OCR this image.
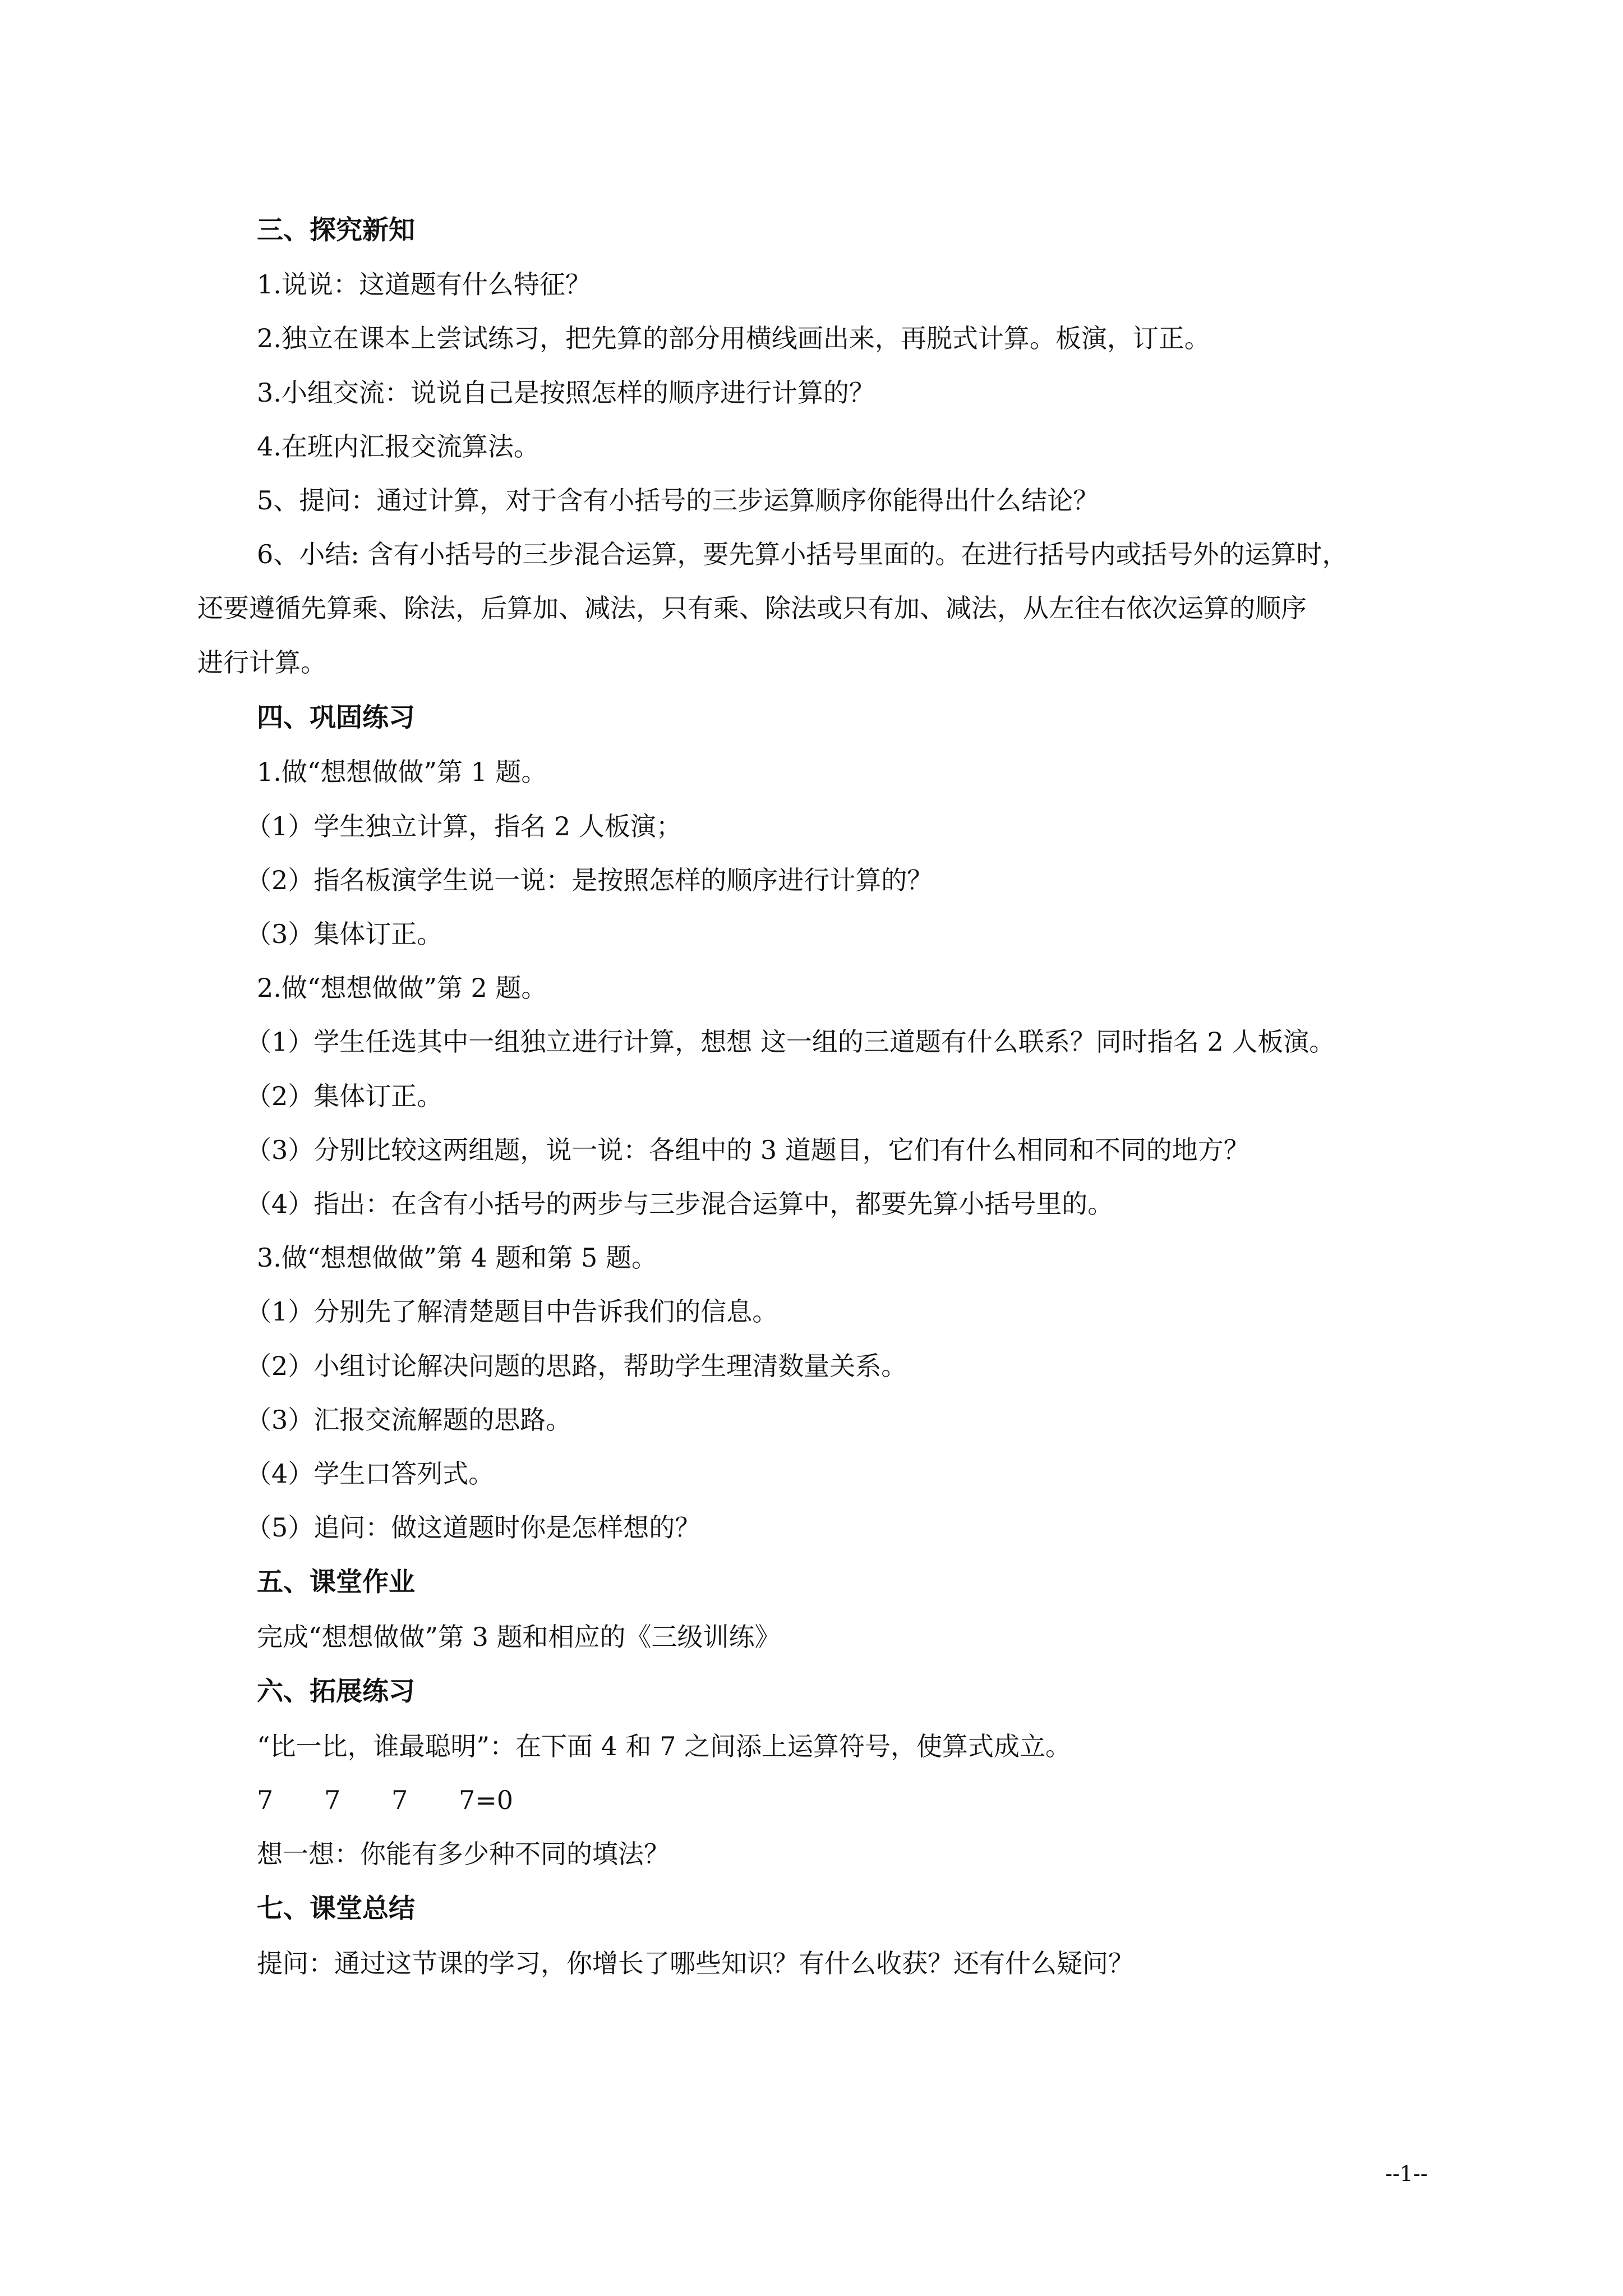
三、探究新知
1.说说：这道题有什么特征？
2.独立在课本上尝试练习，把先算的部分用横线画出来，再脱式计算。板演，订正。
3.小组交流：说说自己是按照怎样的顺序进行计算的？
4.在班内汇报交流算法。
5、提问：通过计算，对于含有小括号的三步运算顺序你能得出什么结论？
6、小结: 含有小括号的三步混合运算，要先算小括号里面的。在进行括号内或括号外的运算时，
还要遵循先算乘、除法，后算加、减法，只有乘、除法或只有加、减法，从左往右依次运算的顺序
进行计算。
四、巩固练习
1.做“想想做做”第 1 题。
（1）学生独立计算，指名 2 人板演；
（2）指名板演学生说一说：是按照怎样的顺序进行计算的？
（3）集体订正。
2.做“想想做做”第 2 题。
（1）学生任选其中一组独立进行计算，想想 这一组的三道题有什么联系？同时指名 2 人板演。
（2）集体订正。
（3）分别比较这两组题，说一说：各组中的 3 道题目，它们有什么相同和不同的地方？
（4）指出：在含有小括号的两步与三步混合运算中，都要先算小括号里的。
3.做“想想做做”第 4 题和第 5 题。
（1）分别先了解清楚题目中告诉我们的信息。
（2）小组讨论解决问题的思路，帮助学生理清数量关系。
（3）汇报交流解题的思路。
（4）学生口答列式。
（5）追问：做这道题时你是怎样想的？
五、课堂作业
完成“想想做做”第 3 题和相应的《三级训练》
六、拓展练习
“比一比，谁最聪明”：在下面 4 和 7 之间添上运算符号，使算式成立。
7 7 7 7=0
想一想：你能有多少种不同的填法？
七、课堂总结
提问：通过这节课的学习，你增长了哪些知识？有什么收获？还有什么疑问？
--1--
